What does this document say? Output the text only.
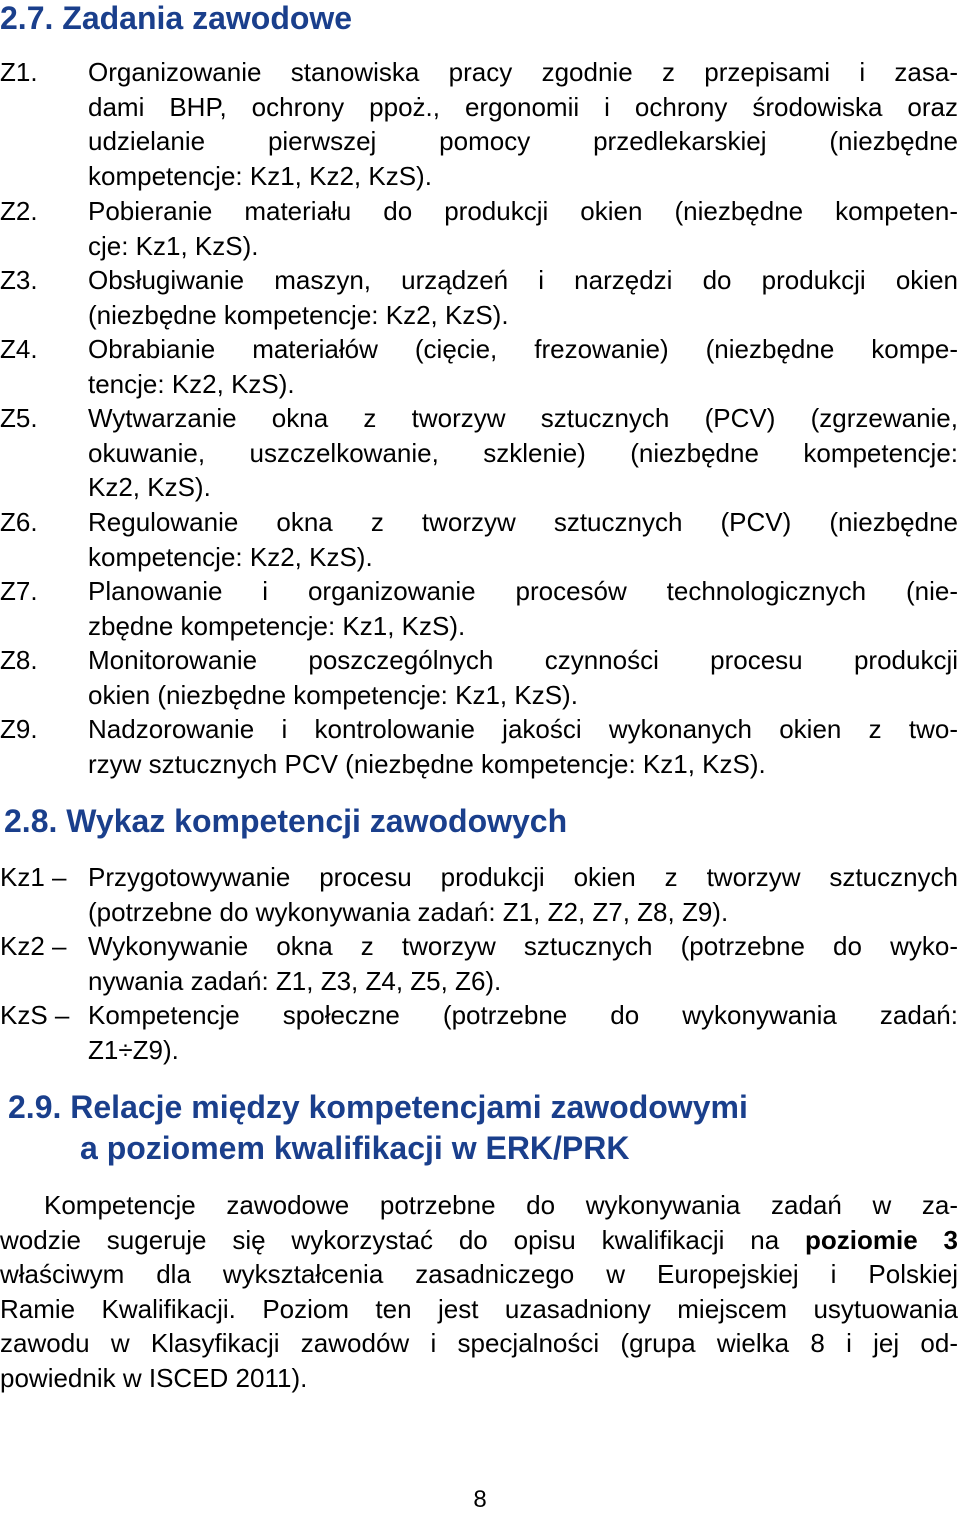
2.7. Zadania zawodowe
Z1. Organizowanie stanowiska pracy zgodnie z przepisami i zasa-
dami BHP, ochrony ppoż., ergonomii i ochrony środowiska oraz
udzielanie pierwszej pomocy przedlekarskiej (niezbędne
kompetencje: Kz1, Kz2, KzS).
Z2. Pobieranie materiału do produkcji okien (niezbędne kompeten-
cje: Kz1, KzS).
Z3. Obsługiwanie maszyn, urządzeń i narzędzi do produkcji okien
(niezbędne kompetencje: Kz2, KzS).
Z4. Obrabianie materiałów (cięcie, frezowanie) (niezbędne kompe-
tencje: Kz2, KzS).
Z5. Wytwarzanie okna z tworzyw sztucznych (PCV) (zgrzewanie,
okuwanie, uszczelkowanie, szklenie) (niezbędne kompetencje:
Kz2, KzS).
Z6. Regulowanie okna z tworzyw sztucznych (PCV) (niezbędne
kompetencje: Kz2, KzS).
Z7. Planowanie i organizowanie procesów technologicznych (nie-
zbędne kompetencje: Kz1, KzS).
Z8. Monitorowanie poszczególnych czynności procesu produkcji
okien (niezbędne kompetencje: Kz1, KzS).
Z9. Nadzorowanie i kontrolowanie jakości wykonanych okien z two-
rzyw sztucznych PCV (niezbędne kompetencje: Kz1, KzS).
2.8. Wykaz kompetencji zawodowych
Kz1 – Przygotowywanie procesu produkcji okien z tworzyw sztucznych
(potrzebne do wykonywania zadań: Z1, Z2, Z7, Z8, Z9).
Kz2 – Wykonywanie okna z tworzyw sztucznych (potrzebne do wyko-
nywania zadań: Z1, Z3, Z4, Z5, Z6).
KzS – Kompetencje społeczne (potrzebne do wykonywania zadań:
Z1÷Z9).
2.9. Relacje między kompetencjami zawodowymi
a poziomem kwalifikacji w ERK/PRK
Kompetencje zawodowe potrzebne do wykonywania zadań w za-
wodzie sugeruje się wykorzystać do opisu kwalifikacji na poziomie 3
właściwym dla wykształcenia zasadniczego w Europejskiej i Polskiej
Ramie Kwalifikacji. Poziom ten jest uzasadniony miejscem usytuowania
zawodu w Klasyfikacji zawodów i specjalności (grupa wielka 8 i jej od-
powiednik w ISCED 2011).
8
